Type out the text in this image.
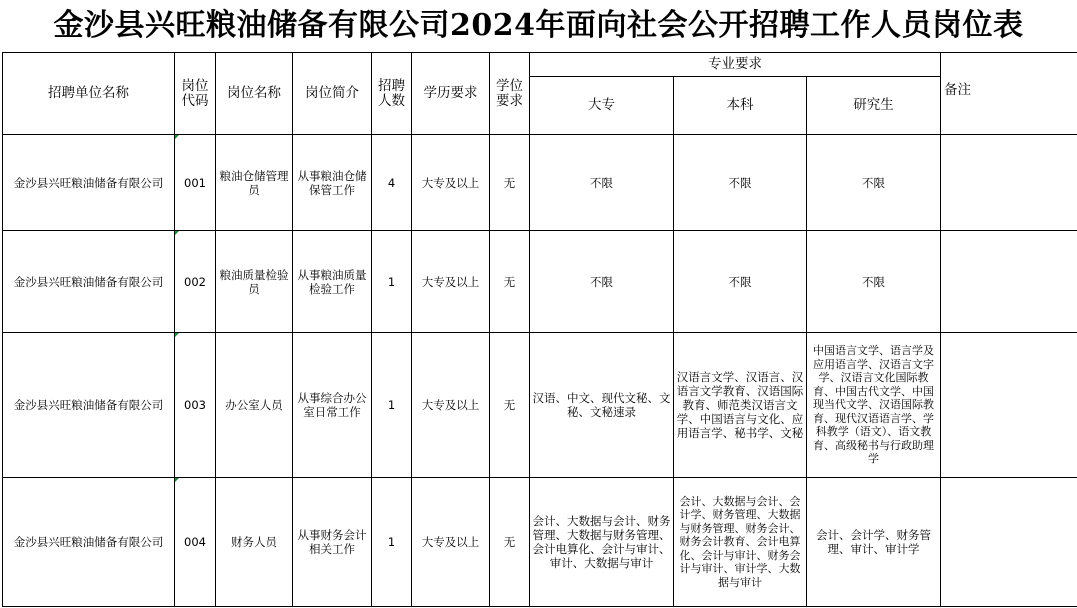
金沙县兴旺粮油储备有限公司2024年面向社会公开招聘工作人员岗位表
招聘单位名称	岗位代码	岗位名称	岗位简介	招聘人数	学历要求	学位要求	专业要求			备注
							大专	本科	研究生	
金沙县兴旺粮油储备有限公司	001	粮油仓储管理员	从事粮油仓储保管工作	4	大专及以上	无	不限	不限	不限	
金沙县兴旺粮油储备有限公司	002	粮油质量检验员	从事粮油质量检验工作	1	大专及以上	无	不限	不限	不限	
金沙县兴旺粮油储备有限公司	003	办公室人员	从事综合办公室日常工作	1	大专及以上	无	汉语、中文、现代文秘、文秘、文秘速录	汉语言文学、汉语言、汉语言文学教育、汉语国际教育、师范类汉语言文学、中国语言与文化、应用语言学、秘书学、文秘	中国语言文学、语言学及应用语言学、汉语言文字学、汉语言文化国际教育、中国古代文学、中国现当代文学、汉语国际教育、现代汉语语言学、学科教学（语文）、语文教育、高级秘书与行政助理学	
金沙县兴旺粮油储备有限公司	004	财务人员	从事财务会计相关工作	1	大专及以上	无	会计、大数据与会计、财务管理、大数据与财务管理、会计电算化、会计与审计、审计、大数据与审计	会计、大数据与会计、会计学、财务管理、大数据与财务管理、财务会计、财务会计教育、会计电算化、会计与审计、财务会计与审计、审计学、大数据与审计	会计、会计学、财务管理、审计、审计学	
